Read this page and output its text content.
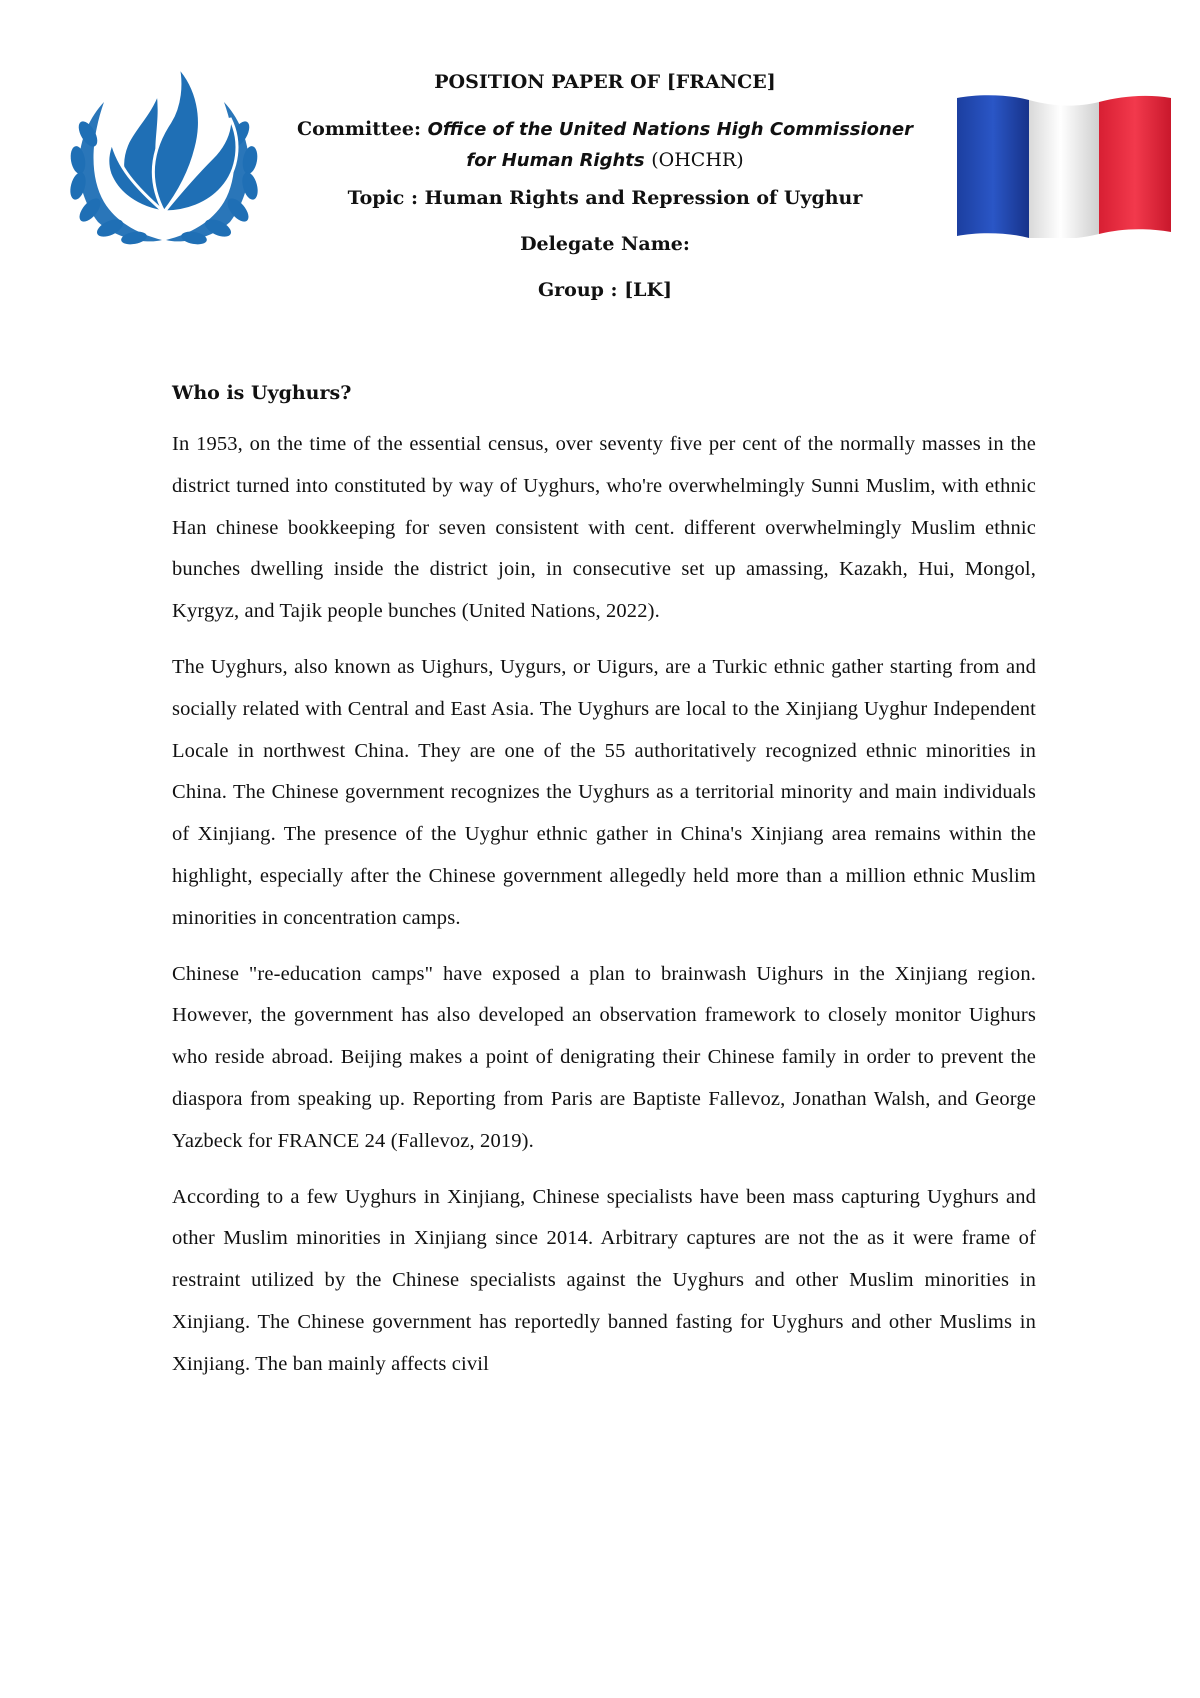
POSITION PAPER OF [FRANCE]

Committee: Office of the United Nations High Commissioner for Human Rights (OHCHR)

Topic : Human Rights and Repression of Uyghur

Delegate Name:

Group : [LK]

Who is Uyghurs?

In 1953, on the time of the essential census, over seventy five per cent of the normally masses in the district turned into constituted by way of Uyghurs, who're overwhelmingly Sunni Muslim, with ethnic Han chinese bookkeeping for seven consistent with cent. different overwhelmingly Muslim ethnic bunches dwelling inside the district join, in consecutive set up amassing, Kazakh, Hui, Mongol, Kyrgyz, and Tajik people bunches (United Nations, 2022).

The Uyghurs, also known as Uighurs, Uygurs, or Uigurs, are a Turkic ethnic gather starting from and socially related with Central and East Asia. The Uyghurs are local to the Xinjiang Uyghur Independent Locale in northwest China. They are one of the 55 authoritatively recognized ethnic minorities in China. The Chinese government recognizes the Uyghurs as a territorial minority and main individuals of Xinjiang. The presence of the Uyghur ethnic gather in China's Xinjiang area remains within the highlight, especially after the Chinese government allegedly held more than a million ethnic Muslim minorities in concentration camps.

Chinese "re-education camps" have exposed a plan to brainwash Uighurs in the Xinjiang region. However, the government has also developed an observation framework to closely monitor Uighurs who reside abroad. Beijing makes a point of denigrating their Chinese family in order to prevent the diaspora from speaking up. Reporting from Paris are Baptiste Fallevoz, Jonathan Walsh, and George Yazbeck for FRANCE 24 (Fallevoz, 2019).

According to a few Uyghurs in Xinjiang, Chinese specialists have been mass capturing Uyghurs and other Muslim minorities in Xinjiang since 2014. Arbitrary captures are not the as it were frame of restraint utilized by the Chinese specialists against the Uyghurs and other Muslim minorities in Xinjiang. The Chinese government has reportedly banned fasting for Uyghurs and other Muslims in Xinjiang. The ban mainly affects civil
